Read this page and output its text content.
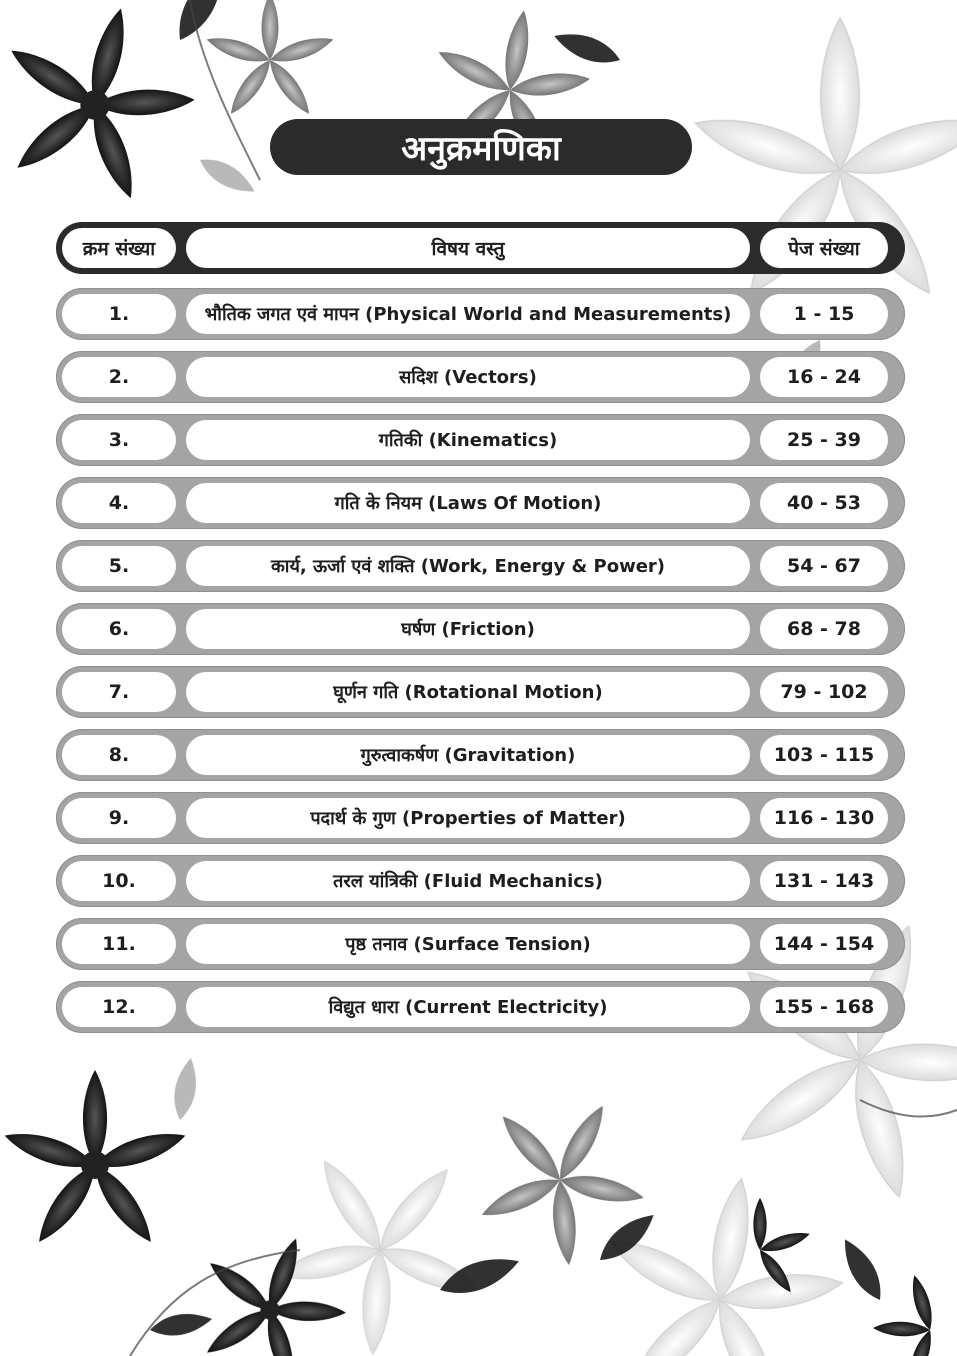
अनुक्रमणिका
क्रम संख्या	विषय वस्तु	पेज संख्या
1.	भौतिक जगत एवं मापन (Physical World and Measurements)	1 - 15
2.	सदिश (Vectors)	16 - 24
3.	गतिकी (Kinematics)	25 - 39
4.	गति के नियम (Laws Of Motion)	40 - 53
5.	कार्य, ऊर्जा एवं शक्ति (Work, Energy & Power)	54 - 67
6.	घर्षण (Friction)	68 - 78
7.	घूर्णन गति (Rotational Motion)	79 - 102
8.	गुरुत्वाकर्षण (Gravitation)	103 - 115
9.	पदार्थ के गुण (Properties of Matter)	116 - 130
10.	तरल यांत्रिकी (Fluid Mechanics)	131 - 143
11.	पृष्ठ तनाव (Surface Tension)	144 - 154
12.	विद्युत धारा (Current Electricity)	155 - 168
